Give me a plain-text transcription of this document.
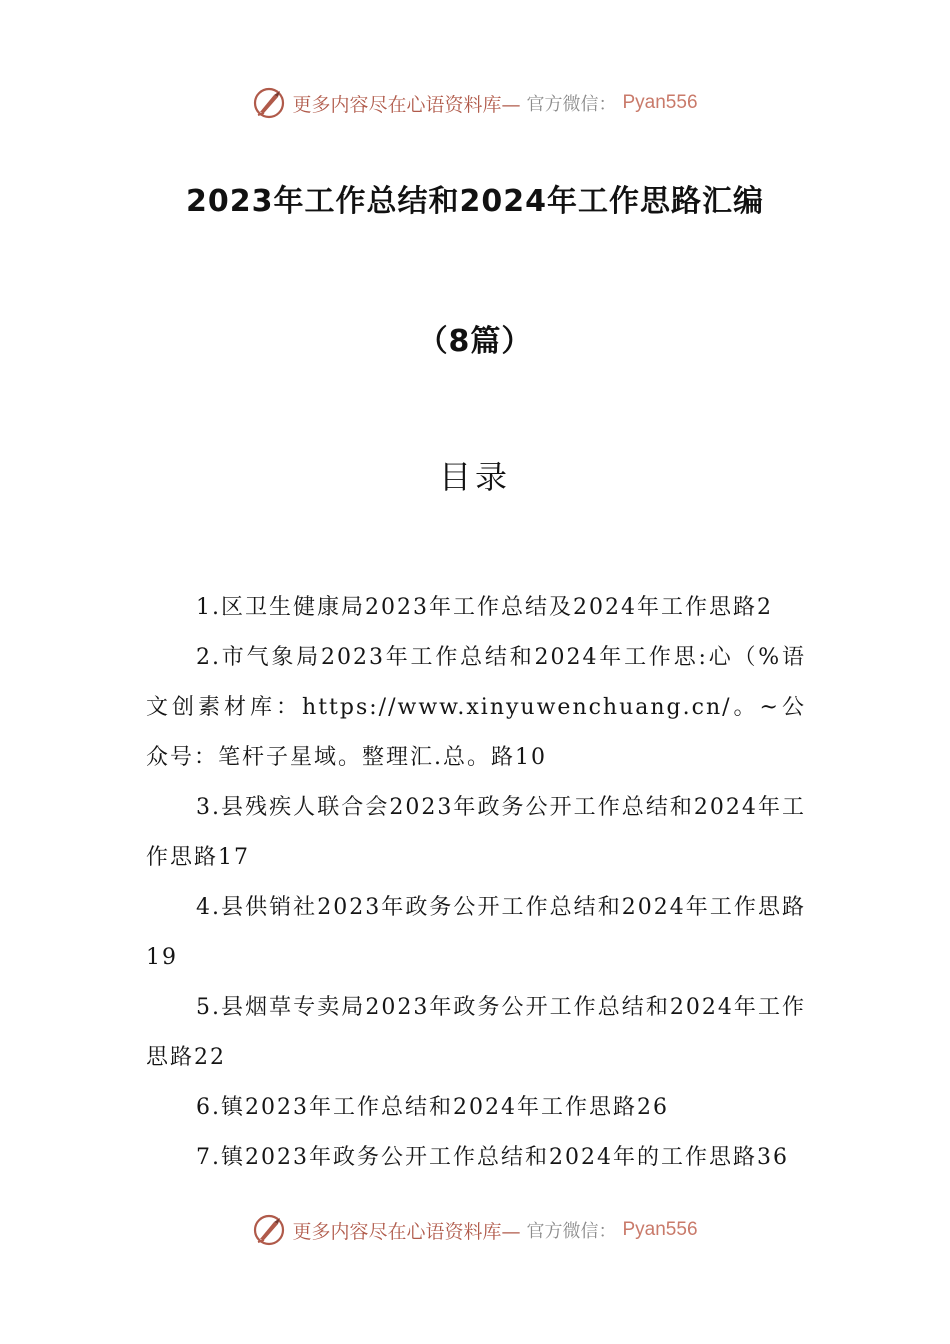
更多内容尽在心语资料库— 官方微信： Pyan556
2023年工作总结和2024年工作思路汇编
（8篇）
目录
1.区卫生健康局2023年工作总结及2024年工作思路2
2.市气象局2023年工作总结和2024年工作思:心（%语文创素材库：https://www.xinyuwenchuang.cn/。~公众号：笔杆子星域。整理汇.总。路10
3.县残疾人联合会2023年政务公开工作总结和2024年工作思路17
4.县供销社2023年政务公开工作总结和2024年工作思路19
5.县烟草专卖局2023年政务公开工作总结和2024年工作思路22
6.镇2023年工作总结和2024年工作思路26
7.镇2023年政务公开工作总结和2024年的工作思路36
更多内容尽在心语资料库— 官方微信： Pyan556
